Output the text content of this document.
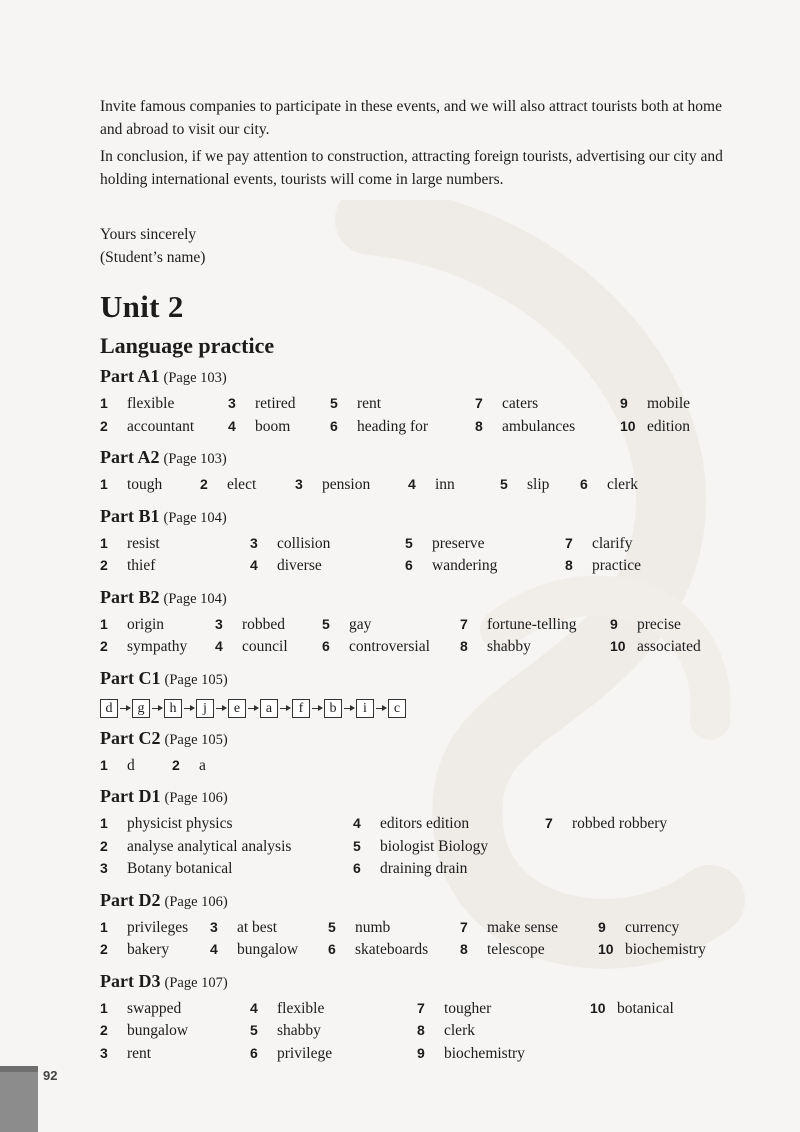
Invite famous companies to participate in these events, and we will also attract tourists both at home and abroad to visit our city.

In conclusion, if we pay attention to construction, attracting foreign tourists, advertising our city and holding international events, tourists will come in large numbers.

Yours sincerely

(Student’s name)

Unit 2
Language practice
Part A1 (Page 103)
1 flexible	3 retired 5 rent	7 caters	9 mobile
2 accountant 4 boom	6 heading for	8 ambulances	10 edition
Part A2 (Page 103)
1 tough	2 elect	3 pension	4 inn	5 slip 6 clerk
Part B1 (Page 104)
1 resist	3 collision	5 preserve	7 clarify
2 thief	4 diverse	6 wandering	8 practice
Part B2 (Page 104)
1 origin	3 robbed	5 gay	7 fortune-telling 9 precise
2 sympathy 4 council 6 controversial 8 shabby	10 associated
Part C1 (Page 105)
d	g	h	j	e	a	f	b	i	c
Part C2 (Page 105)
1 d	2 a
Part D1 (Page 106)
1 physicist physics	4 editors edition	7 robbed robbery
2 analyse analytical analysis	5 biologist Biology
3 Botany botanical	6 draining drain
Part D2 (Page 106)
1 privileges 3 at best	5 numb	7 make sense	9 currency
2 bakery	4 bungalow 6 skateboards 8 telescope	10 biochemistry
Part D3 (Page 107)
1 swapped	4 flexible	7 tougher	10 botanical
2 bungalow	5 shabby	8 clerk
3 rent	6 privilege	9 biochemistry
92
